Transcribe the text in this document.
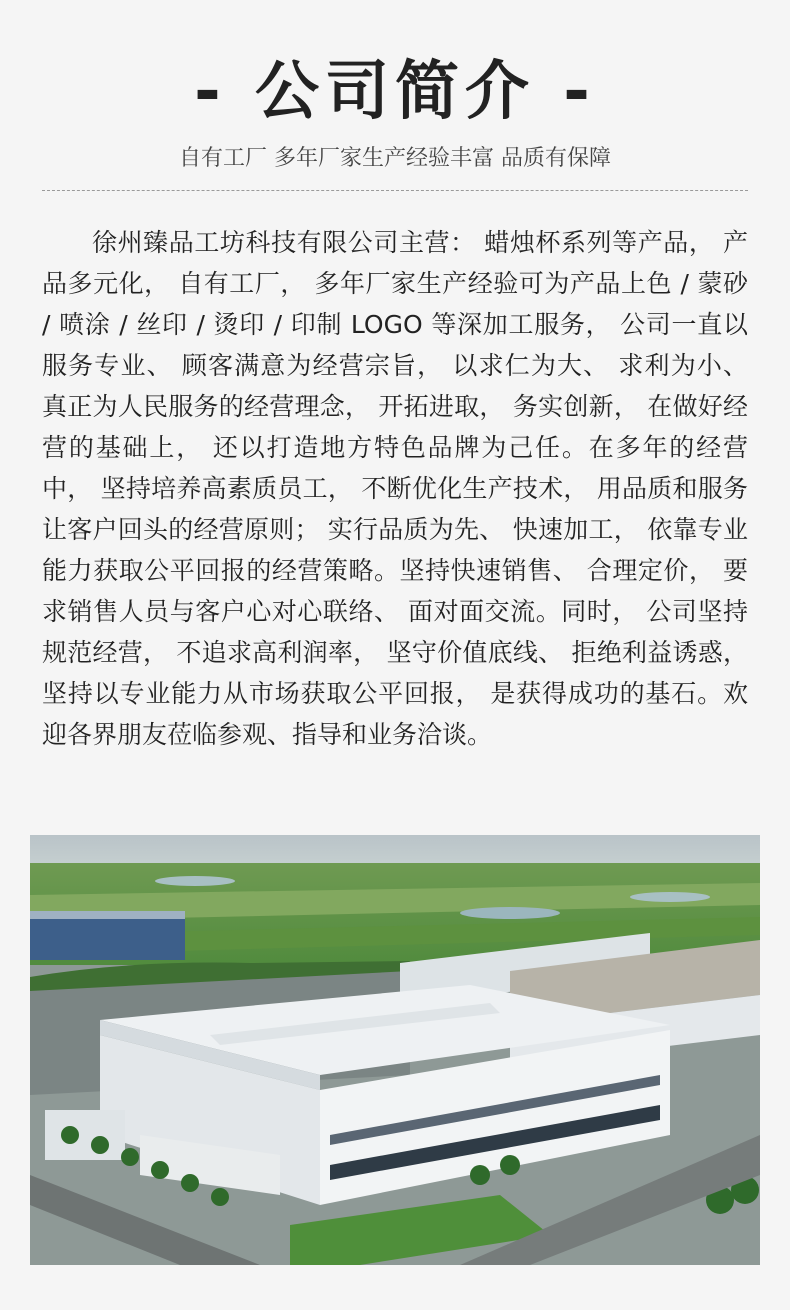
- 公司简介 -
自有工厂 多年厂家生产经验丰富 品质有保障

徐州臻品工坊科技有限公司主营： 蜡烛杯系列等产品， 产品多元化， 自有工厂， 多年厂家生产经验可为产品上色 / 蒙砂 / 喷涂 / 丝印 / 烫印 / 印制 LOGO 等深加工服务， 公司一直以服务专业、 顾客满意为经营宗旨， 以求仁为大、 求利为小、 真正为人民服务的经营理念， 开拓进取， 务实创新， 在做好经营的基础上， 还以打造地方特色品牌为己任。在多年的经营中， 坚持培养高素质员工， 不断优化生产技术， 用品质和服务让客户回头的经营原则； 实行品质为先、 快速加工， 依靠专业能力获取公平回报的经营策略。坚持快速销售、 合理定价， 要求销售人员与客户心对心联络、 面对面交流。同时， 公司坚持规范经营， 不追求高利润率， 坚守价值底线、 拒绝利益诱惑， 坚持以专业能力从市场获取公平回报， 是获得成功的基石。欢迎各界朋友莅临参观、指导和业务洽谈。
